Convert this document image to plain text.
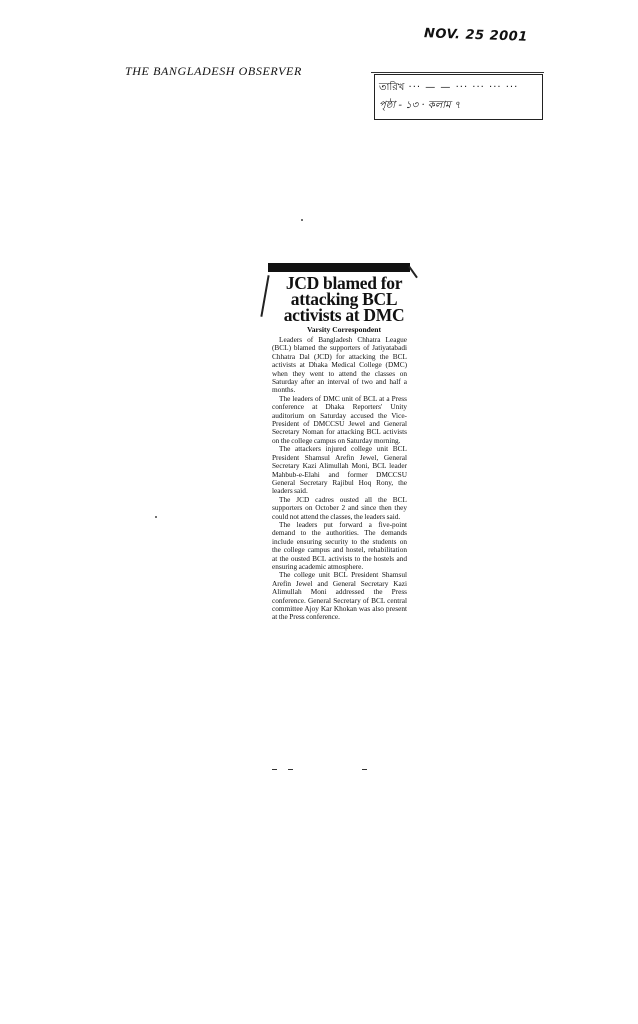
NOV. 25 2001
THE BANGLADESH OBSERVER
তারিখ ··· — — ··· ··· ··· ···
পৃষ্ঠা - ১৩ · কলাম ৭
JCD blamed for
attacking BCL
activists at DMC
Varsity Correspondent

Leaders of Bangladesh Chhatra League (BCL) blamed the supporters of Jatiyatabadi Chhatra Dal (JCD) for attacking the BCL activists at Dhaka Medical College (DMC) when they went to attend the classes on Saturday after an interval of two and half a months.

The leaders of DMC unit of BCL at a Press conference at Dhaka Reporters' Unity auditorium on Saturday accused the Vice-President of DMCCSU Jewel and General Secretary Noman for attacking BCL activists on the college campus on Saturday morning.

The attackers injured college unit BCL President Shamsul Arefin Jewel, General Secretary Kazi Alimullah Moni, BCL leader Mahbub-e-Elahi and former DMCCSU General Secretary Rajibul Hoq Rony, the leaders said.

The JCD cadres ousted all the BCL supporters on October 2 and since then they could not attend the classes, the leaders said.

The leaders put forward a five-point demand to the authorities. The demands include ensuring security to the students on the college campus and hostel, rehabilitation at the ousted BCL activists to the hostels and ensuring academic atmosphere.

The college unit BCL President Shamsul Arefin Jewel and General Secretary Kazi Alimullah Moni addressed the Press conference. General Secretary of BCL central committee Ajoy Kar Khokan was also present at the Press conference.
